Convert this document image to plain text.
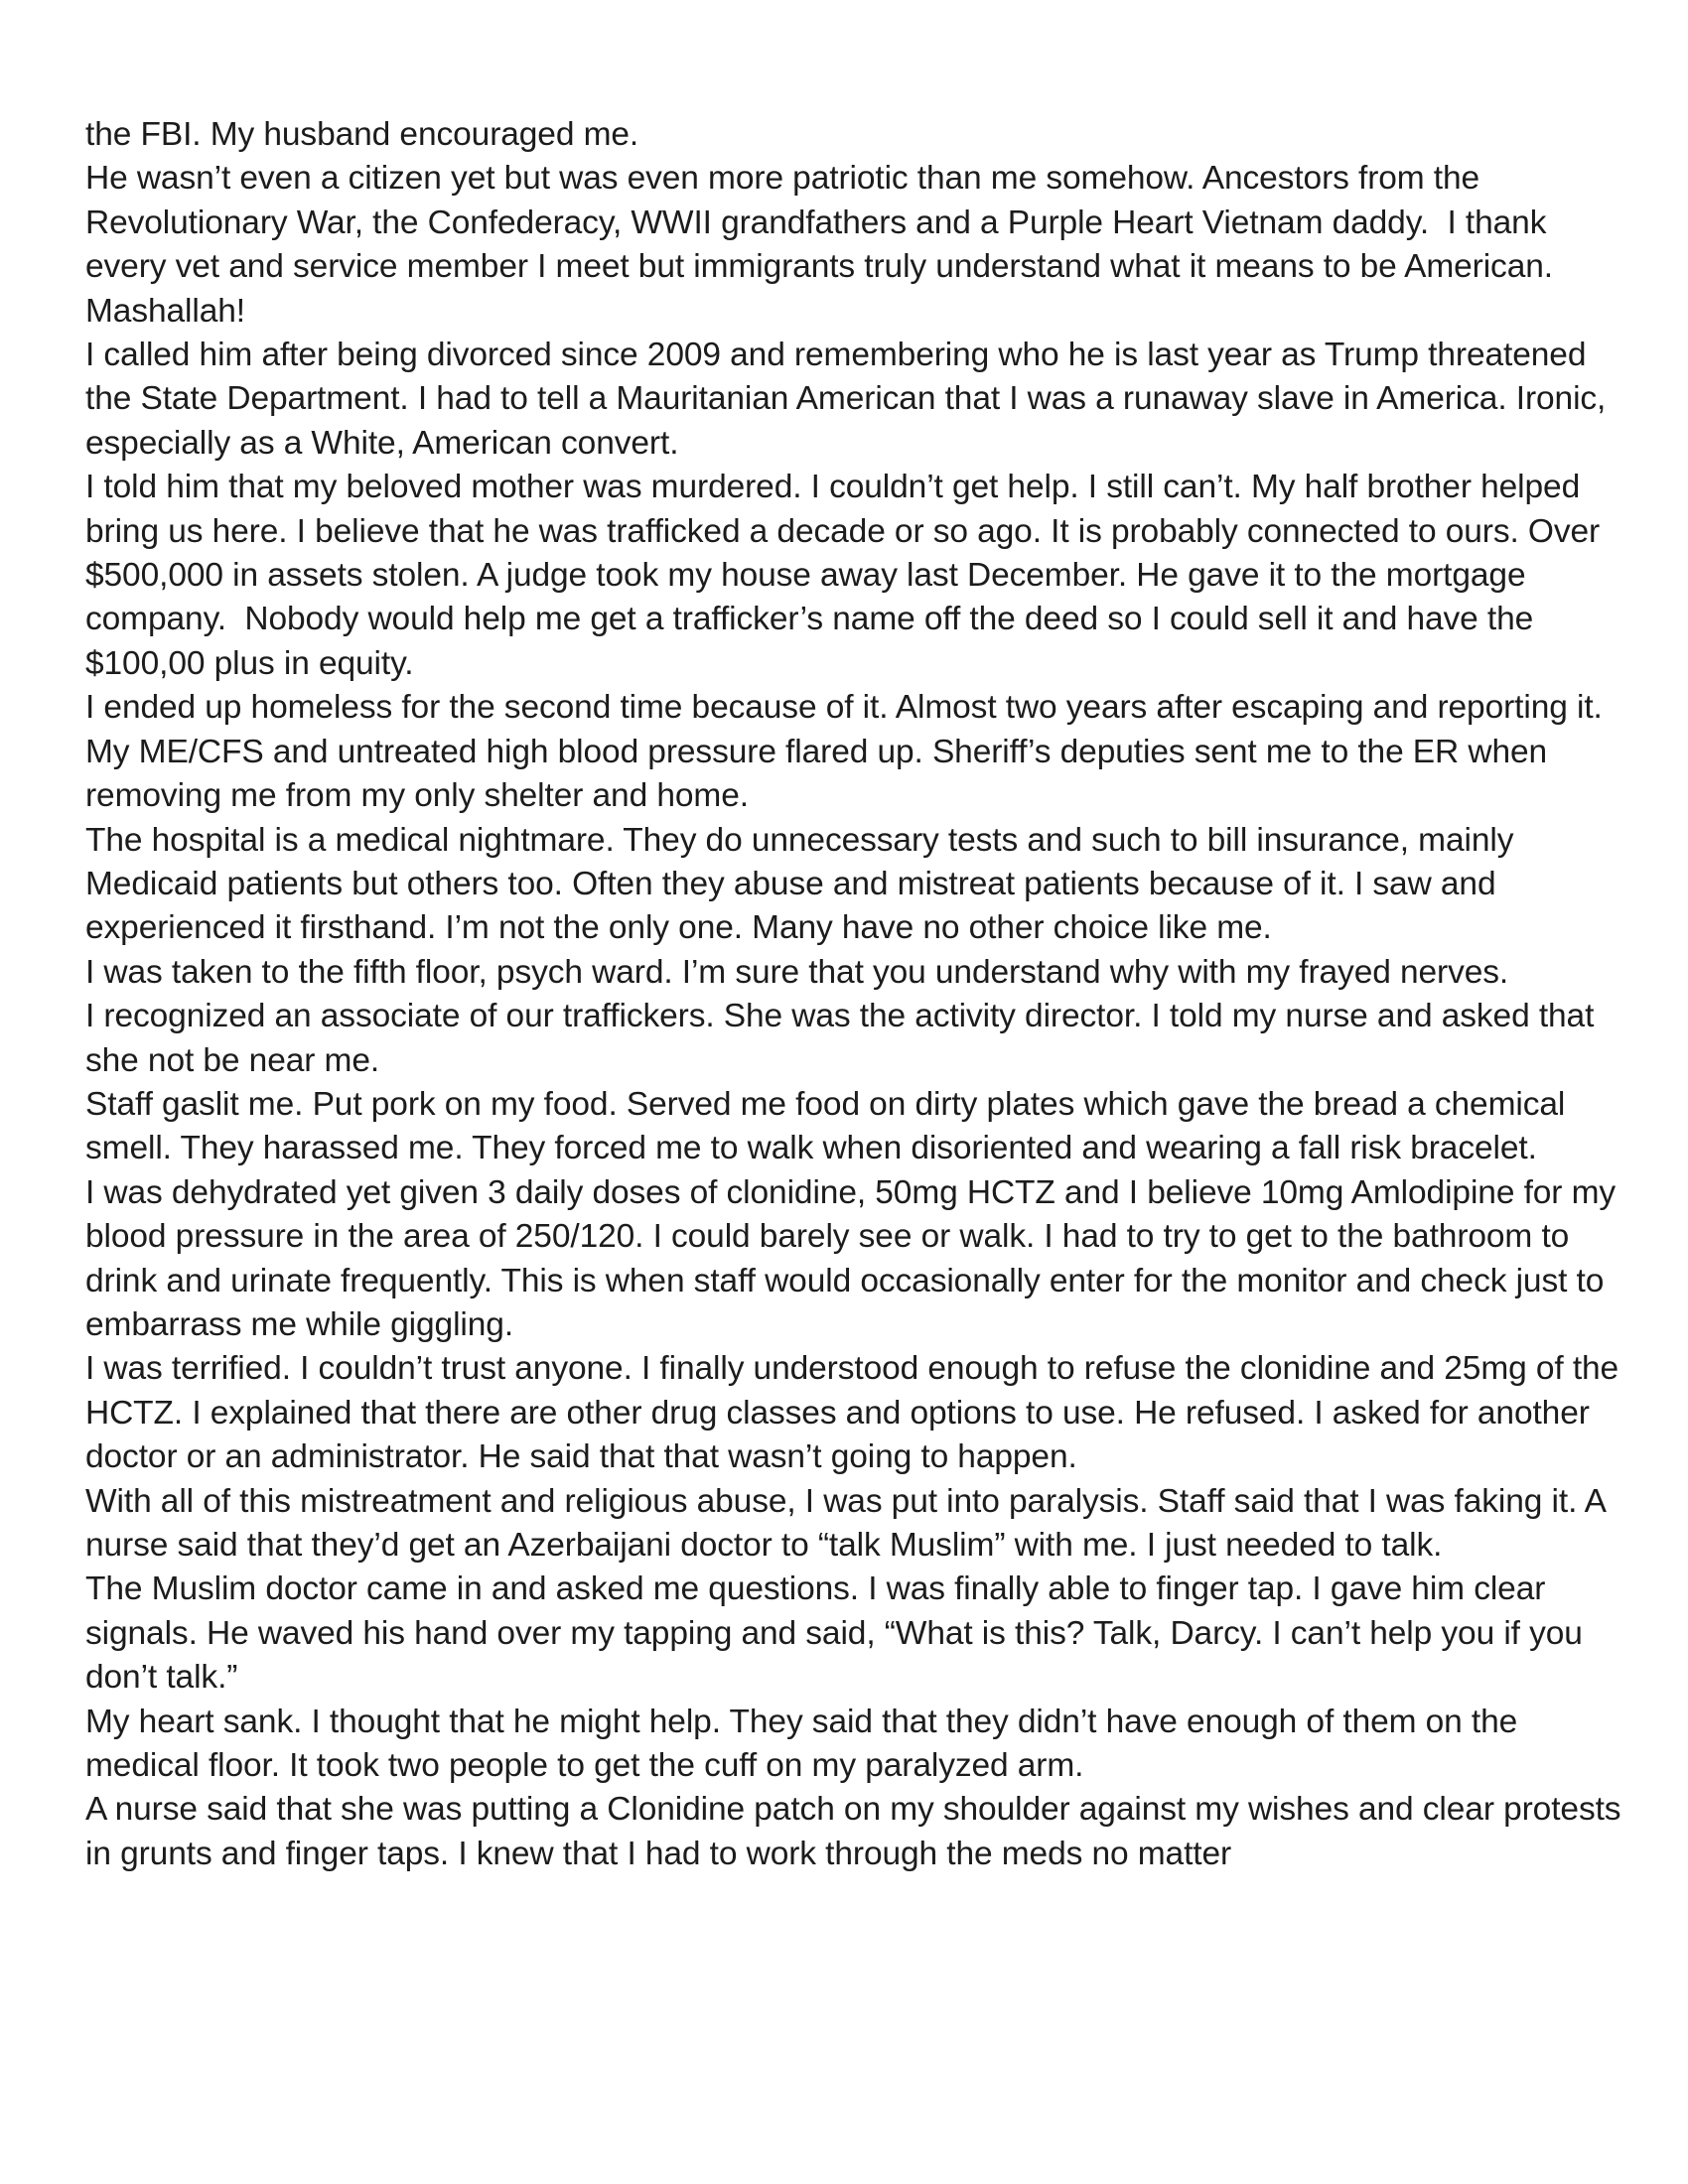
the FBI. My husband encouraged me.

He wasn’t even a citizen yet but was even more patriotic than me somehow. Ancestors from the Revolutionary War, the Confederacy, WWII grandfathers and a Purple Heart Vietnam daddy.  I thank every vet and service member I meet but immigrants truly understand what it means to be American. Mashallah!

I called him after being divorced since 2009 and remembering who he is last year as Trump threatened the State Department. I had to tell a Mauritanian American that I was a runaway slave in America. Ironic, especially as a White, American convert.

I told him that my beloved mother was murdered. I couldn’t get help. I still can’t. My half brother helped bring us here. I believe that he was trafficked a decade or so ago. It is probably connected to ours. Over $500,000 in assets stolen. A judge took my house away last December. He gave it to the mortgage company.  Nobody would help me get a trafficker’s name off the deed so I could sell it and have the $100,00 plus in equity.

I ended up homeless for the second time because of it. Almost two years after escaping and reporting it. My ME/CFS and untreated high blood pressure flared up. Sheriff’s deputies sent me to the ER when removing me from my only shelter and home.

The hospital is a medical nightmare. They do unnecessary tests and such to bill insurance, mainly Medicaid patients but others too. Often they abuse and mistreat patients because of it. I saw and experienced it firsthand. I’m not the only one. Many have no other choice like me.

I was taken to the fifth floor, psych ward. I’m sure that you understand why with my frayed nerves.

I recognized an associate of our traffickers. She was the activity director. I told my nurse and asked that she not be near me.

Staff gaslit me. Put pork on my food. Served me food on dirty plates which gave the bread a chemical smell. They harassed me. They forced me to walk when disoriented and wearing a fall risk bracelet.

I was dehydrated yet given 3 daily doses of clonidine, 50mg HCTZ and I believe 10mg Amlodipine for my blood pressure in the area of 250/120. I could barely see or walk. I had to try to get to the bathroom to drink and urinate frequently. This is when staff would occasionally enter for the monitor and check just to embarrass me while giggling.

I was terrified. I couldn’t trust anyone. I finally understood enough to refuse the clonidine and 25mg of the HCTZ. I explained that there are other drug classes and options to use. He refused. I asked for another doctor or an administrator. He said that that wasn’t going to happen.

With all of this mistreatment and religious abuse, I was put into paralysis. Staff said that I was faking it. A nurse said that they’d get an Azerbaijani doctor to “talk Muslim” with me. I just needed to talk.

The Muslim doctor came in and asked me questions. I was finally able to finger tap. I gave him clear signals. He waved his hand over my tapping and said, “What is this? Talk, Darcy. I can’t help you if you don’t talk.”

My heart sank. I thought that he might help. They said that they didn’t have enough of them on the medical floor. It took two people to get the cuff on my paralyzed arm.

A nurse said that she was putting a Clonidine patch on my shoulder against my wishes and clear protests in grunts and finger taps. I knew that I had to work through the meds no matter
